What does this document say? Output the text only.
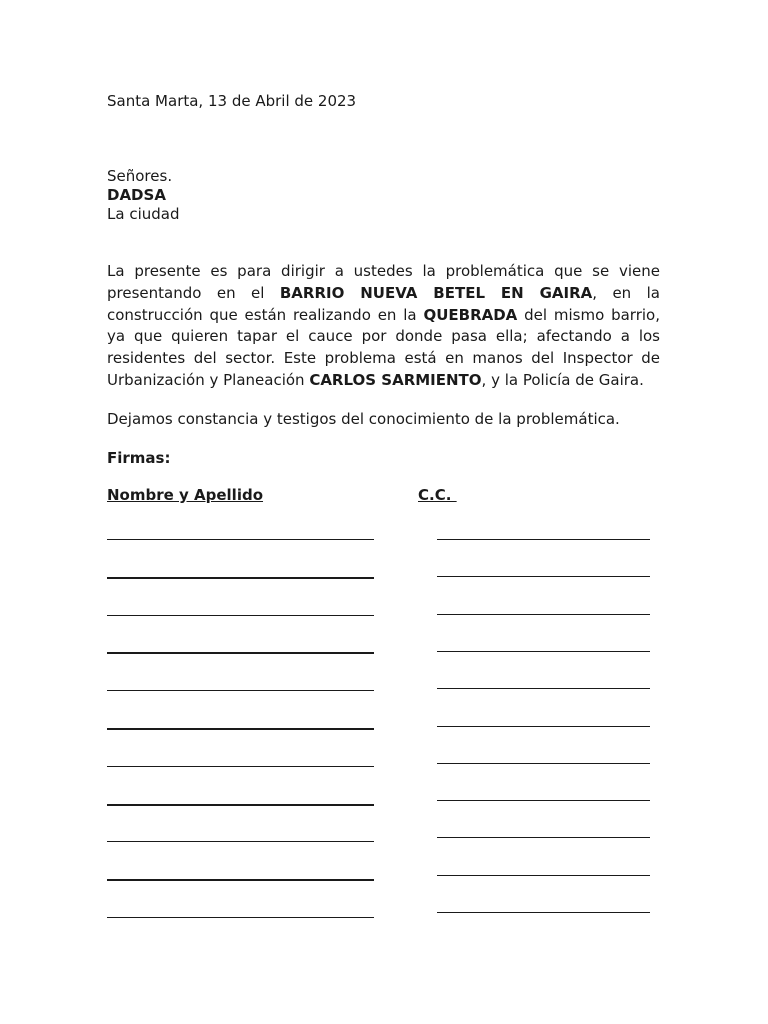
Santa Marta, 13 de Abril de 2023
Señores.
DADSA
La ciudad
La presente es para dirigir a ustedes la problemática que se viene
presentando en el BARRIO NUEVA BETEL EN GAIRA, en la
construcción que están realizando en la QUEBRADA del mismo barrio,
ya que quieren tapar el cauce por donde pasa ella; afectando a los
residentes del sector. Este problema está en manos del Inspector de
Urbanización y Planeación CARLOS SARMIENTO, y la Policía de Gaira.
Dejamos constancia y testigos del conocimiento de la problemática.
Firmas:
Nombre y Apellido	C.C.
